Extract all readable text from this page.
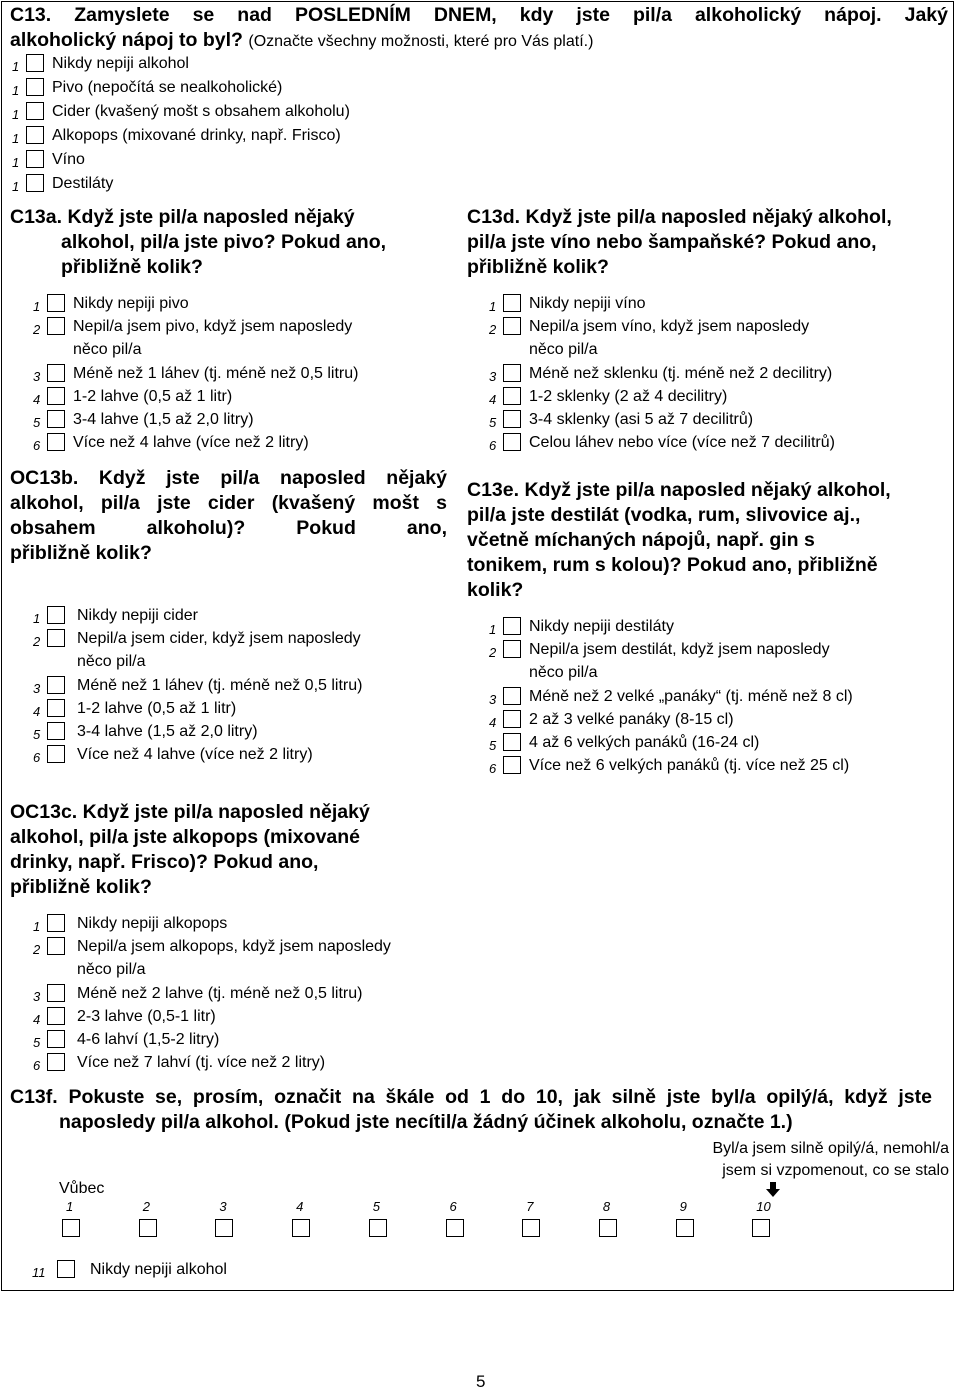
C13. Zamyslete se nad POSLEDNÍM DNEM, kdy jste pil/a alkoholický nápoj. Jaký
alkoholický nápoj to byl? (Označte všechny možnosti, které pro Vás platí.)
1 Nikdy nepiji alkohol
1 Pivo (nepočítá se nealkoholické)
1 Cider (kvašený mošt s obsahem alkoholu)
1 Alkopops (mixované drinky, např. Frisco)
1 Víno
1 Destiláty
C13a. Když jste pil/a naposled nějaký
alkohol, pil/a jste pivo? Pokud ano,
přibližně kolik?
1 Nikdy nepiji pivo
2 Nepil/a jsem pivo, když jsem naposledy
něco pil/a
3 Méně než 1 láhev (tj. méně než 0,5 litru)
4 1-2 lahve (0,5 až 1 litr)
5 3-4 lahve (1,5 až 2,0 litry)
6 Více než 4 lahve (více než 2 litry)
OC13b. Když jste pil/a naposled nějaký
alkohol, pil/a jste cider (kvašený mošt s
obsahem alkoholu)? Pokud ano,
přibližně kolik?
1 Nikdy nepiji cider
2 Nepil/a jsem cider, když jsem naposledy
něco pil/a
3 Méně než 1 láhev (tj. méně než 0,5 litru)
4 1-2 lahve (0,5 až 1 litr)
5 3-4 lahve (1,5 až 2,0 litry)
6 Více než 4 lahve (více než 2 litry)
OC13c. Když jste pil/a naposled nějaký
alkohol, pil/a jste alkopops (mixované
drinky, např. Frisco)? Pokud ano,
přibližně kolik?
1 Nikdy nepiji alkopops
2 Nepil/a jsem alkopops, když jsem naposledy
něco pil/a
3 Méně než 2 lahve (tj. méně než 0,5 litru)
4 2-3 lahve (0,5-1 litr)
5 4-6 lahví (1,5-2 litry)
6 Více než 7 lahví (tj. více než 2 litry)
C13d. Když jste pil/a naposled nějaký alkohol,
pil/a jste víno nebo šampaňské? Pokud ano,
přibližně kolik?
1 Nikdy nepiji víno
2 Nepil/a jsem víno, když jsem naposledy
něco pil/a
3 Méně než sklenku (tj. méně než 2 decilitry)
4 1-2 sklenky (2 až 4 decilitry)
5 3-4 sklenky (asi 5 až 7 decilitrů)
6 Celou láhev nebo více (více než 7 decilitrů)
C13e. Když jste pil/a naposled nějaký alkohol,
pil/a jste destilát (vodka, rum, slivovice aj.,
včetně míchaných nápojů, např. gin s
tonikem, rum s kolou)? Pokud ano, přibližně
kolik?
1 Nikdy nepiji destiláty
2 Nepil/a jsem destilát, když jsem naposledy
něco pil/a
3 Méně než 2 velké „panáky“ (tj. méně než 8 cl)
4 2 až 3 velké panáky (8-15 cl)
5 4 až 6 velkých panáků (16-24 cl)
6 Více než 6 velkých panáků (tj. více než 25 cl)
C13f. Pokuste se, prosím, označit na škále od 1 do 10, jak silně jste byl/a opilý/á, když jste
naposledy pil/a alkohol. (Pokud jste necítil/a žádný účinek alkoholu, označte 1.)
Byl/a jsem silně opilý/á, nemohl/a
jsem si vzpomenout, co se stalo
Vůbec
1	2	3	4	5	6	7	8	9	10
11	Nikdy nepiji alkohol
5
